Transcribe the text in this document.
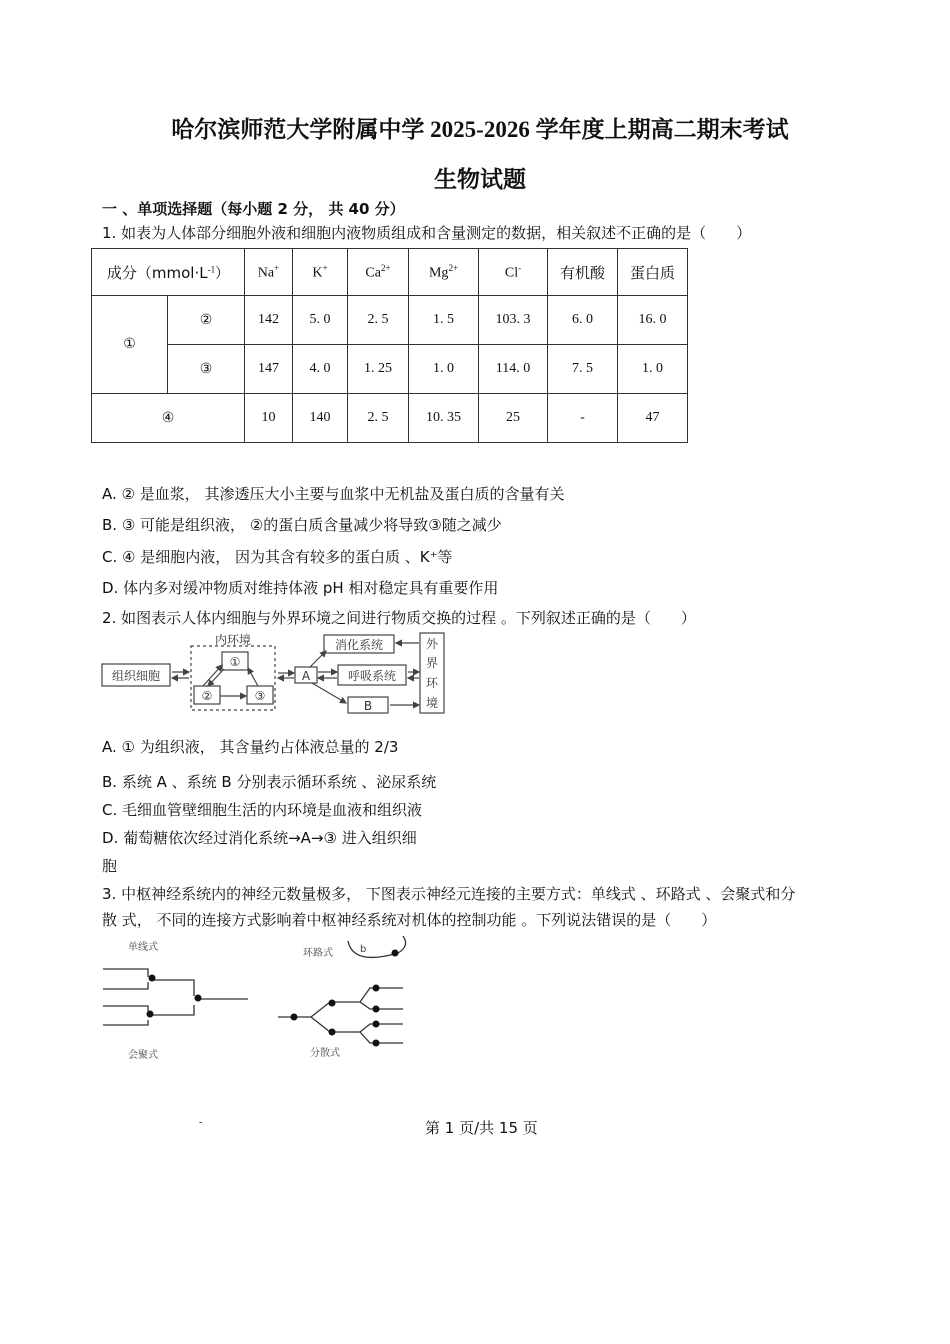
哈尔滨师范大学附属中学 2025-2026 学年度上期高二期末考试
生物试题
一 、单项选择题（每小题 2 分， 共 40 分）
1. 如表为人体部分细胞外液和细胞内液物质组成和含量测定的数据，相关叙述不正确的是（　　）
成分$(mmol\cdot L^{-1})$		Na+	K+	$Ca^{2+}$	$Mg^{2+}$	Cl-	有机酸	蛋白质
①	②	142	5. 0	2. 5	1. 5	103. 3	6. 0	16. 0
	③	147	4. 0	1. 25	1. 0	114. 0	7. 5	1. 0
④		10	140	2. 5	10. 35	25	-	47
A. ② 是血浆， 其渗透压大小主要与血浆中无机盐及蛋白质的含量有关
B. ③ 可能是组织液， ②的蛋白质含量减少将导致③随之减少
C. ④ 是细胞内液， 因为其含有较多的蛋白质 、K⁺等
D. 体内多对缓冲物质对维持体液 pH 相对稳定具有重要作用
2. 如图表示人体内细胞与外界环境之间进行物质交换的过程 。下列叙述正确的是（　　）
组织细胞
内环境
①
②	③
A
消化系统
呼吸系统
B
外
界
环
境
A. ① 为组织液， 其含量约占体液总量的 2/3
B. 系统 A 、系统 B 分别表示循环系统 、泌尿系统
C. 毛细血管壁细胞生活的内环境是血液和组织液
D. 葡萄糖依次经过消化系统→A→③ 进入组织细
胞
3. 中枢神经系统内的神经元数量极多， 下图表示神经元连接的主要方式：单线式 、环路式 、会聚式和分
散 式， 不同的连接方式影响着中枢神经系统对机体的控制功能 。下列说法错误的是（　　）
单线式
环路式	b
会聚式	分散式
-	第 1 页/共 15 页
